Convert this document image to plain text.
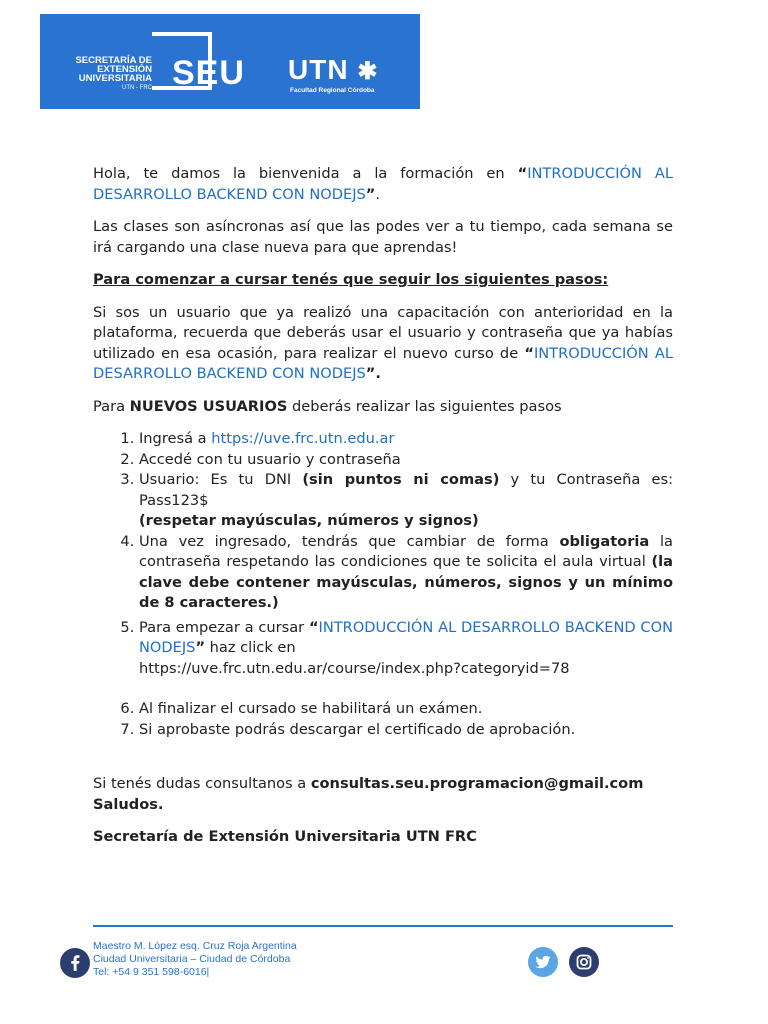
SECRETARÍA DE
EXTENSIÓN
UNIVERSITARIA
UTN - FRC SEU UTN ✱
Facultad Regional Córdoba

Hola, te damos la bienvenida a la formación en “INTRODUCCIÓN AL DESARROLLO BACKEND CON NODEJS”.

Las clases son asíncronas así que las podes ver a tu tiempo, cada semana se irá cargando una clase nueva para que aprendas!

Para comenzar a cursar tenés que seguir los siguientes pasos:

Si sos un usuario que ya realizó una capacitación con anterioridad en la plataforma, recuerda que deberás usar el usuario y contraseña que ya habías utilizado en esa ocasión, para realizar el nuevo curso de “INTRODUCCIÓN AL DESARROLLO BACKEND CON NODEJS”.

Para NUEVOS USUARIOS deberás realizar las siguientes pasos

1. Ingresá a https://uve.frc.utn.edu.ar
2. Accedé con tu usuario y contraseña
3. Usuario: Es tu DNI (sin puntos ni comas) y tu Contraseña es: Pass123$
(respetar mayúsculas, números y signos)
4. Una vez ingresado, tendrás que cambiar de forma obligatoria la contraseña respetando las condiciones que te solicita el aula virtual (la clave debe contener mayúsculas, números, signos y un mínimo de 8 caracteres.)
5. Para empezar a cursar “INTRODUCCIÓN AL DESARROLLO BACKEND CON NODEJS” haz click en
https://uve.frc.utn.edu.ar/course/index.php?categoryid=78
6. Al finalizar el cursado se habilitará un exámen.
7. Si aprobaste podrás descargar el certificado de aprobación.

Si tenés dudas consultanos a consultas.seu.programacion@gmail.com

Saludos.

Secretaría de Extensión Universitaria UTN FRC

Maestro M. López esq. Cruz Roja Argentina
Ciudad Universitaria – Ciudad de Córdoba
Tel: +54 9 351 598-6016|
